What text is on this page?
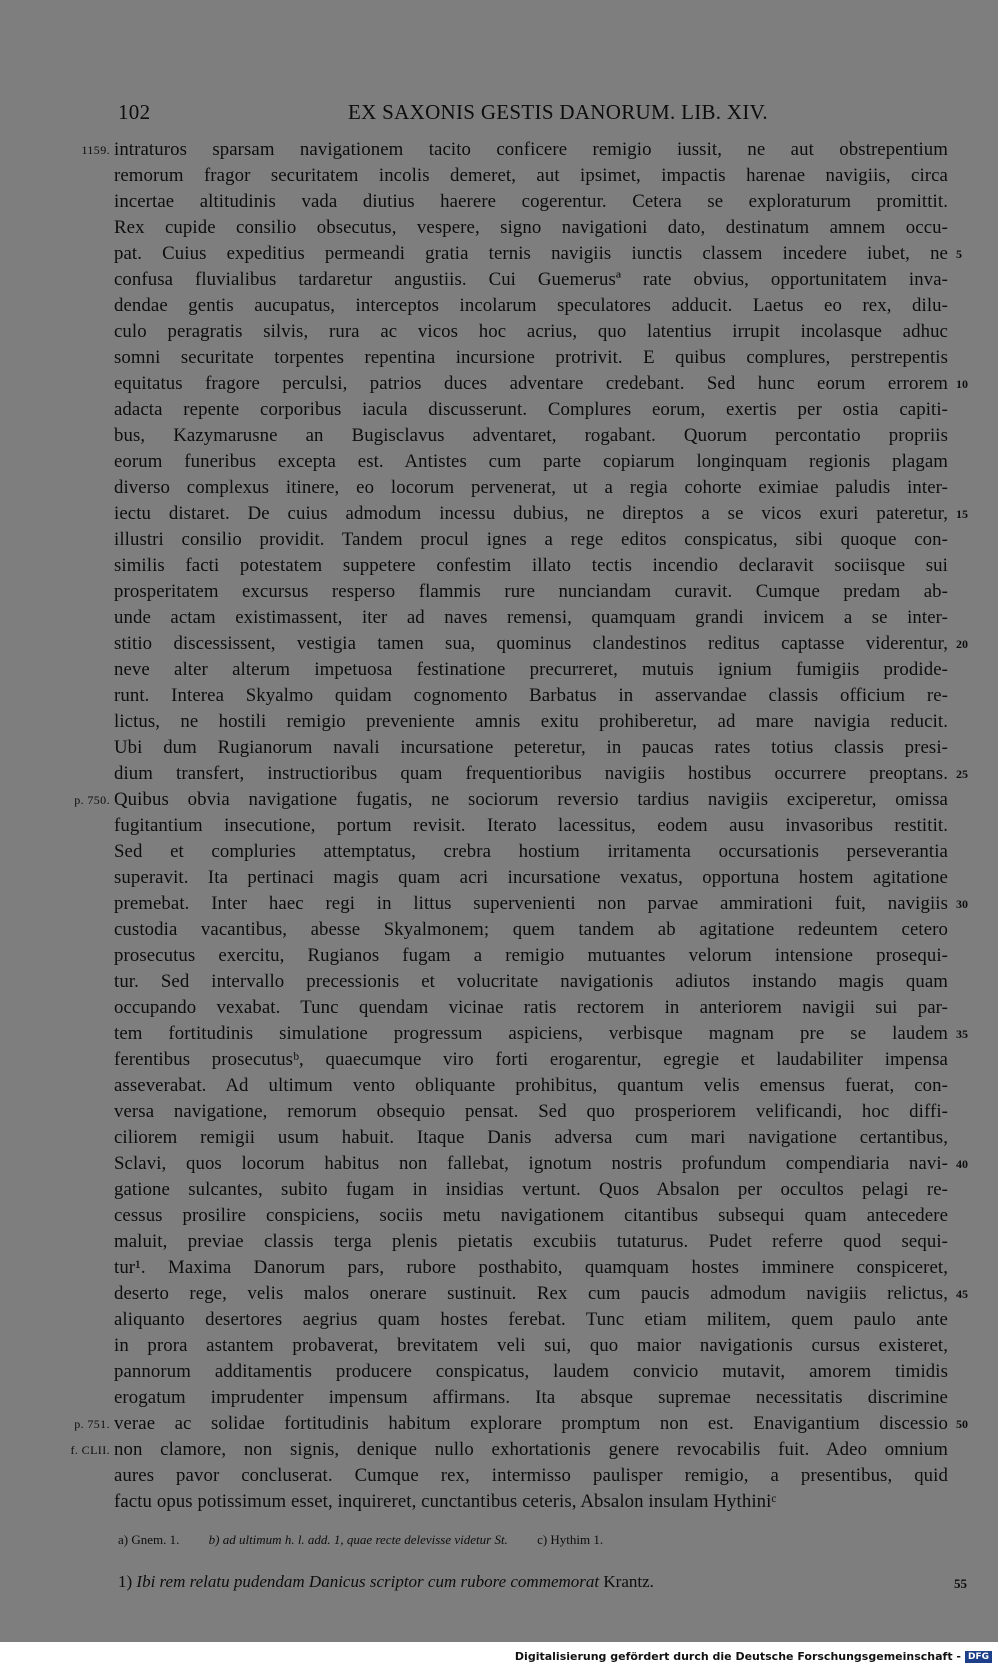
102	EX SAXONIS GESTIS DANORUM. LIB. XIV.
1159. intraturos sparsam navigationem tacito conficere remigio iussit, ne aut obstrepentium
remorum fragor securitatem incolis demeret, aut ipsimet, impactis harenae navigiis, circa
incertae altitudinis vada diutius haerere cogerentur. Cetera se exploraturum promittit.
Rex cupide consilio obsecutus, vespere, signo navigationi dato, destinatum amnem occu-
pat. Cuius expeditius permeandi gratia ternis navigiis iunctis classem incedere iubet, ne 5
confusa fluvialibus tardaretur angustiis. Cui Guemerusª rate obvius, opportunitatem inva-
dendae gentis aucupatus, interceptos incolarum speculatores adducit. Laetus eo rex, dilu-
culo peragratis silvis, rura ac vicos hoc acrius, quo latentius irrupit incolasque adhuc
somni securitate torpentes repentina incursione protrivit. E quibus complures, perstrepentis
equitatus fragore perculsi, patrios duces adventare credebant. Sed hunc eorum errorem 10
adacta repente corporibus iacula discusserunt. Complures eorum, exertis per ostia capiti-
bus, Kazymarusne an Bugisclavus adventaret, rogabant. Quorum percontatio propriis
eorum funeribus excepta est. Antistes cum parte copiarum longinquam regionis plagam
diverso complexus itinere, eo locorum pervenerat, ut a regia cohorte eximiae paludis inter-
iectu distaret. De cuius admodum incessu dubius, ne direptos a se vicos exuri pateretur, 15
illustri consilio providit. Tandem procul ignes a rege editos conspicatus, sibi quoque con-
similis facti potestatem suppetere confestim illato tectis incendio declaravit sociisque sui
prosperitatem excursus resperso flammis rure nunciandam curavit. Cumque predam ab-
unde actam existimassent, iter ad naves remensi, quamquam grandi invicem a se inter-
stitio discessissent, vestigia tamen sua, quominus clandestinos reditus captasse viderentur, 20
neve alter alterum impetuosa festinatione precurreret, mutuis ignium fumigiis prodide-
runt. Interea Skyalmo quidam cognomento Barbatus in asservandae classis officium re-
lictus, ne hostili remigio preveniente amnis exitu prohiberetur, ad mare navigia reducit.
Ubi dum Rugianorum navali incursatione peteretur, in paucas rates totius classis presi-
dium transfert, instructioribus quam frequentioribus navigiis hostibus occurrere preoptans. 25
p. 750. Quibus obvia navigatione fugatis, ne sociorum reversio tardius navigiis exciperetur, omissa
fugitantium insecutione, portum revisit. Iterato lacessitus, eodem ausu invasoribus restitit.
Sed et compluries attemptatus, crebra hostium irritamenta occursationis perseverantia
superavit. Ita pertinaci magis quam acri incursatione vexatus, opportuna hostem agitatione
premebat. Inter haec regi in littus supervenienti non parvae ammirationi fuit, navigiis 30
custodia vacantibus, abesse Skyalmonem; quem tandem ab agitatione redeuntem cetero
prosecutus exercitu, Rugianos fugam a remigio mutuantes velorum intensione prosequi-
tur. Sed intervallo precessionis et volucritate navigationis adiutos instando magis quam
occupando vexabat. Tunc quendam vicinae ratis rectorem in anteriorem navigii sui par-
tem fortitudinis simulatione progressum aspiciens, verbisque magnam pre se laudem 35
ferentibus prosecutusᵇ, quaecumque viro forti erogarentur, egregie et laudabiliter impensa
asseverabat. Ad ultimum vento obliquante prohibitus, quantum velis emensus fuerat, con-
versa navigatione, remorum obsequio pensat. Sed quo prosperiorem velificandi, hoc diffi-
ciliorem remigii usum habuit. Itaque Danis adversa cum mari navigatione certantibus,
Sclavi, quos locorum habitus non fallebat, ignotum nostris profundum compendiaria navi- 40
gatione sulcantes, subito fugam in insidias vertunt. Quos Absalon per occultos pelagi re-
cessus prosilire conspiciens, sociis metu navigationem citantibus subsequi quam antecedere
maluit, previae classis terga plenis pietatis excubiis tutaturus. Pudet referre quod sequi-
tur¹. Maxima Danorum pars, rubore posthabito, quamquam hostes imminere conspiceret,
deserto rege, velis malos onerare sustinuit. Rex cum paucis admodum navigiis relictus, 45
aliquanto desertores aegrius quam hostes ferebat. Tunc etiam militem, quem paulo ante
in prora astantem probaverat, brevitatem veli sui, quo maior navigationis cursus existeret,
pannorum additamentis producere conspicatus, laudem convicio mutavit, amorem timidis
erogatum imprudenter impensum affirmans. Ita absque supremae necessitatis discrimine
p. 751. verae ac solidae fortitudinis habitum explorare promptum non est. Enavigantium discessio 50
f. CLII. non clamore, non signis, denique nullo exhortationis genere revocabilis fuit. Adeo omnium
aures pavor concluserat. Cumque rex, intermisso paulisper remigio, a presentibus, quid
factu opus potissimum esset, inquireret, cunctantibus ceteris, Absalon insulam Hythiniᶜ
a) Gnem. 1. b) ad ultimum h. l. add. 1, quae recte delevisse videtur St. c) Hythim 1.
1) Ibi rem relatu pudendam Danicus scriptor cum rubore commemorat Krantz.	55
Digitalisierung gefördert durch die Deutsche Forschungsgemeinschaft - DFG
